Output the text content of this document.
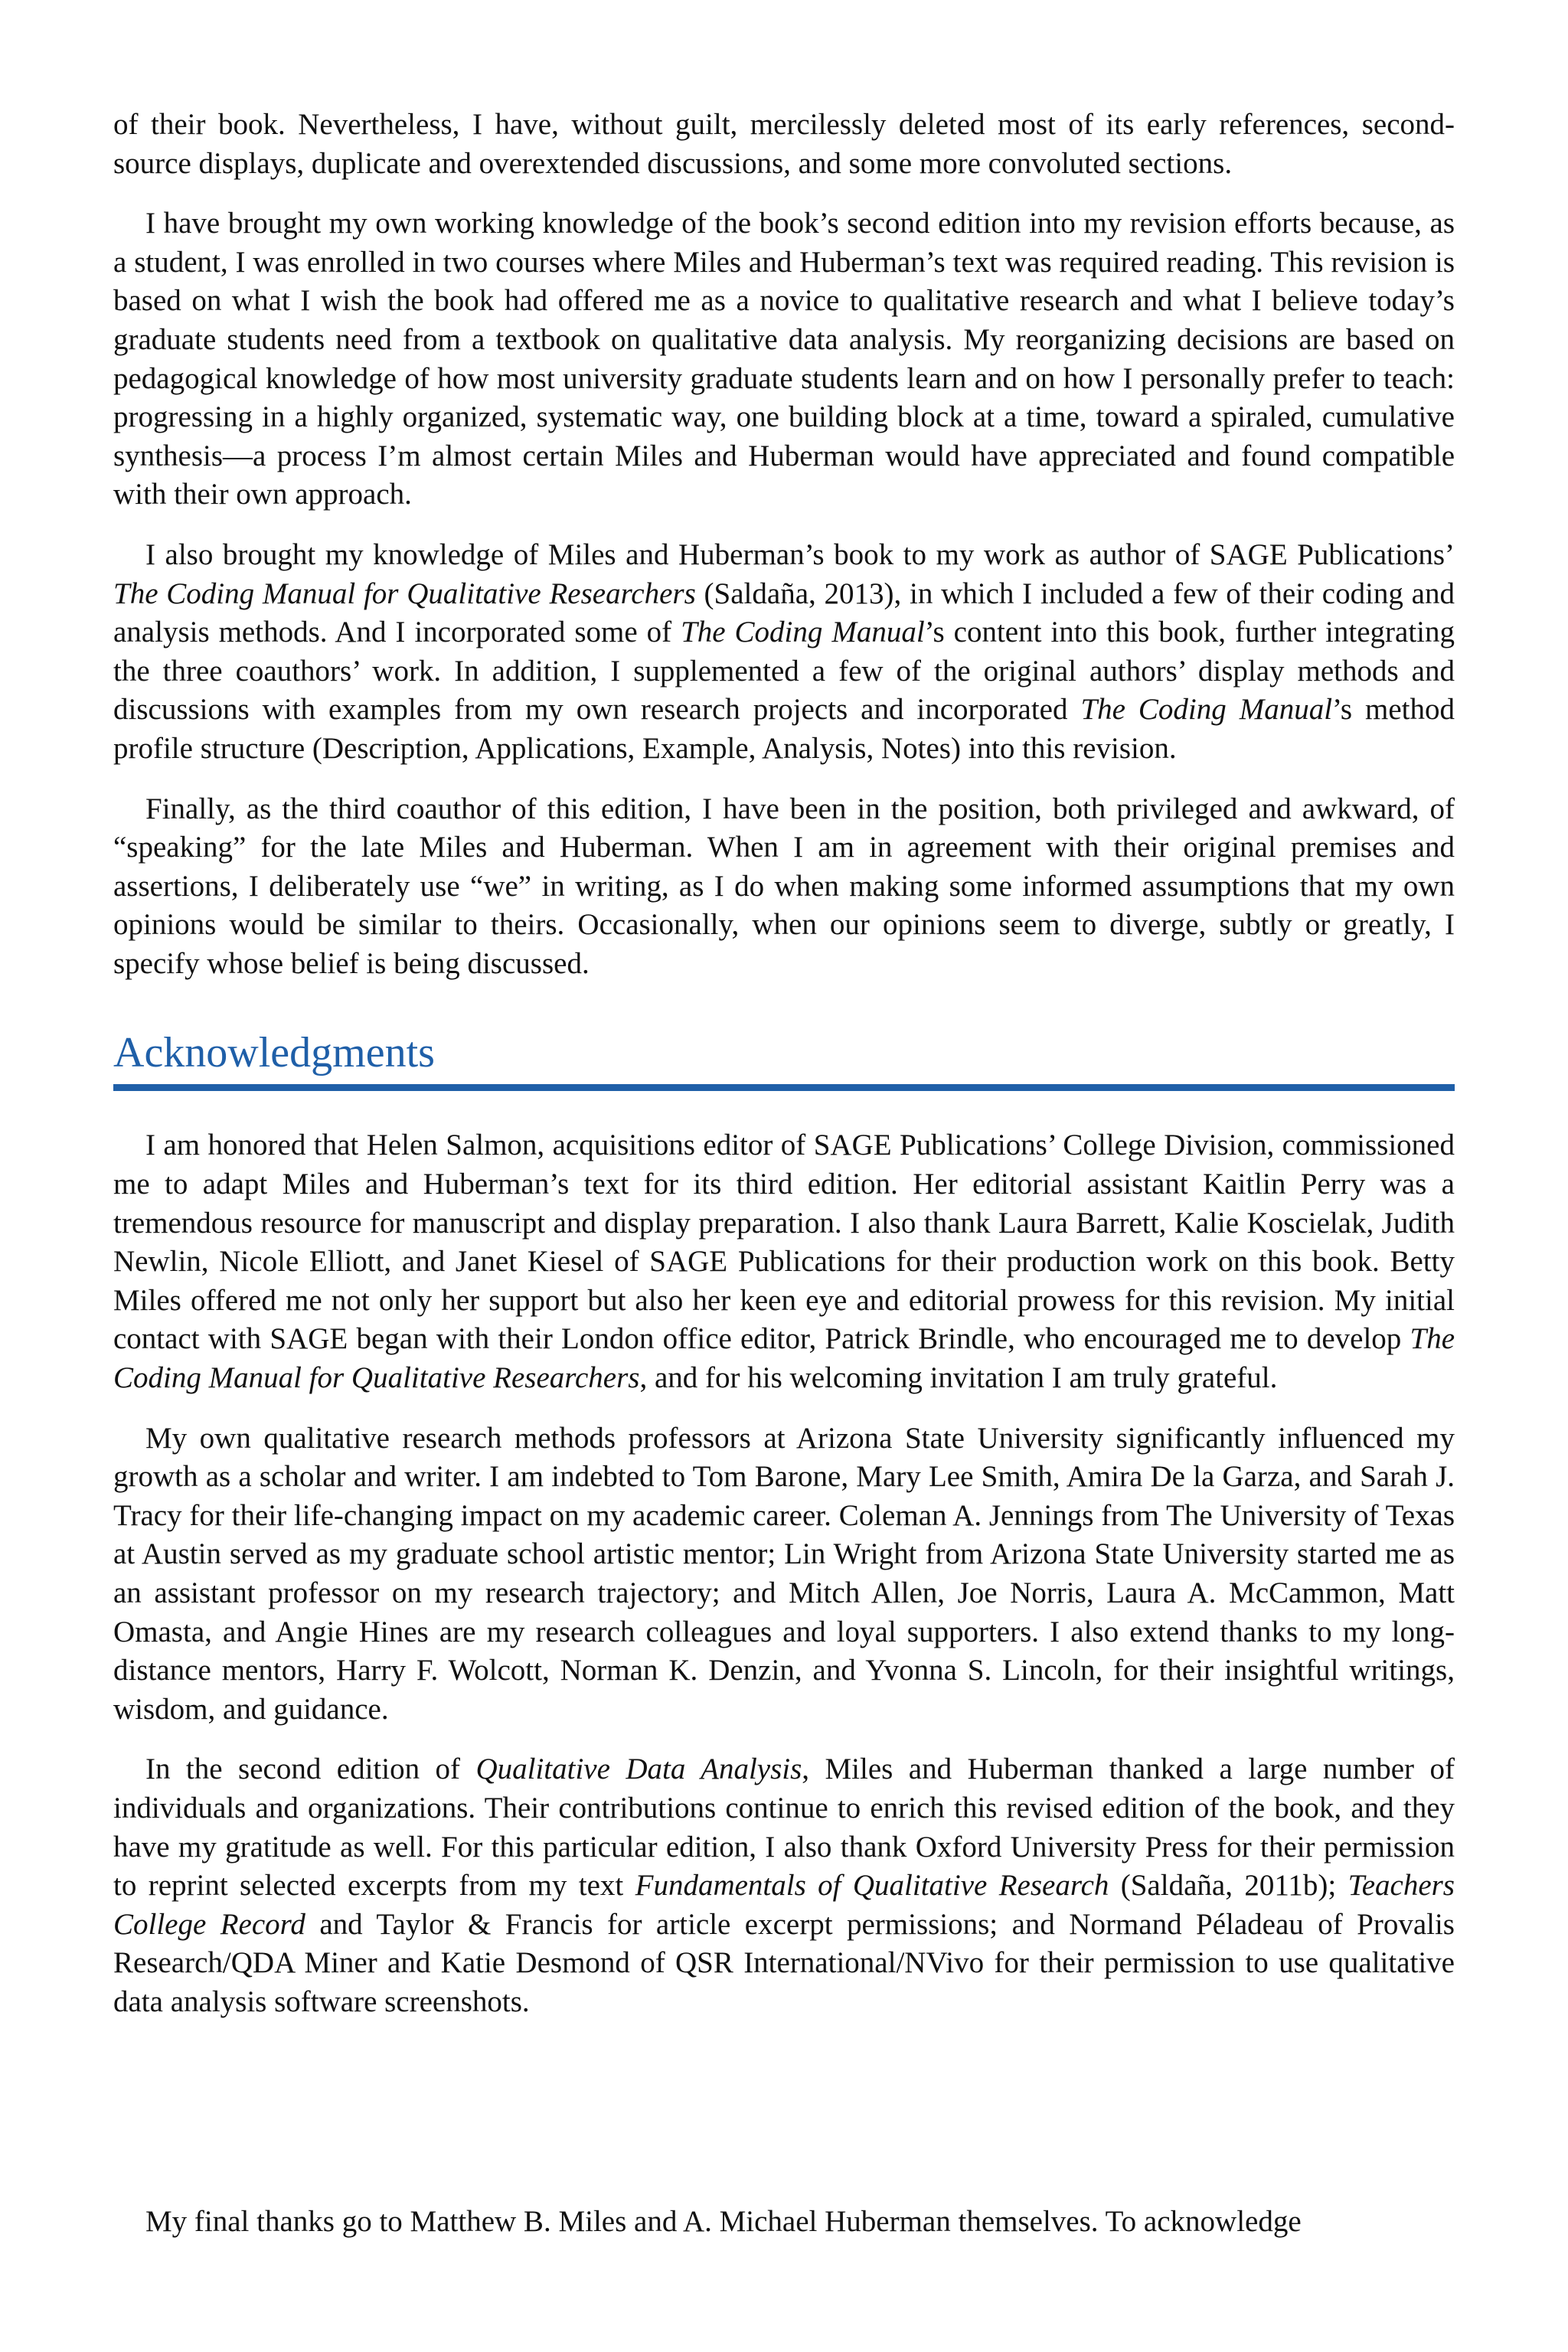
of their book. Nevertheless, I have, without guilt, mercilessly deleted most of its early references, second-source displays, duplicate and overextended discussions, and some more convoluted sections.

I have brought my own working knowledge of the book’s second edition into my revision efforts because, as a student, I was enrolled in two courses where Miles and Huberman’s text was required reading. This revision is based on what I wish the book had offered me as a novice to qualitative research and what I believe today’s graduate students need from a textbook on qualitative data analysis. My reorganizing decisions are based on pedagogical knowledge of how most university graduate students learn and on how I personally prefer to teach: progressing in a highly organized, systematic way, one building block at a time, toward a spiraled, cumulative synthesis—a process I’m almost certain Miles and Huberman would have appreciated and found compatible with their own approach.

I also brought my knowledge of Miles and Huberman’s book to my work as author of SAGE Publications’ The Coding Manual for Qualitative Researchers (Saldaña, 2013), in which I included a few of their coding and analysis methods. And I incorporated some of The Coding Manual’s content into this book, further integrating the three coauthors’ work. In addition, I supplemented a few of the original authors’ display methods and discussions with examples from my own research projects and incorporated The Coding Manual’s method profile structure (Description, Applications, Example, Analysis, Notes) into this revision.

Finally, as the third coauthor of this edition, I have been in the position, both privileged and awkward, of “speaking” for the late Miles and Huberman. When I am in agreement with their original premises and assertions, I deliberately use “we” in writing, as I do when making some informed assumptions that my own opinions would be similar to theirs. Occasionally, when our opinions seem to diverge, subtly or greatly, I specify whose belief is being discussed.

Acknowledgments

I am honored that Helen Salmon, acquisitions editor of SAGE Publications’ College Division, commissioned me to adapt Miles and Huberman’s text for its third edition. Her editorial assistant Kaitlin Perry was a tremendous resource for manuscript and display preparation. I also thank Laura Barrett, Kalie Koscielak, Judith Newlin, Nicole Elliott, and Janet Kiesel of SAGE Publications for their production work on this book. Betty Miles offered me not only her support but also her keen eye and editorial prowess for this revision. My initial contact with SAGE began with their London office editor, Patrick Brindle, who encouraged me to develop The Coding Manual for Qualitative Researchers, and for his welcoming invitation I am truly grateful.

My own qualitative research methods professors at Arizona State University significantly influenced my growth as a scholar and writer. I am indebted to Tom Barone, Mary Lee Smith, Amira De la Garza, and Sarah J. Tracy for their life-changing impact on my academic career. Coleman A. Jennings from The University of Texas at Austin served as my graduate school artistic mentor; Lin Wright from Arizona State University started me as an assistant professor on my research trajectory; and Mitch Allen, Joe Norris, Laura A. McCammon, Matt Omasta, and Angie Hines are my research colleagues and loyal supporters. I also extend thanks to my long-distance mentors, Harry F. Wolcott, Norman K. Denzin, and Yvonna S. Lincoln, for their insightful writings, wisdom, and guidance.

In the second edition of Qualitative Data Analysis, Miles and Huberman thanked a large number of individuals and organizations. Their contributions continue to enrich this revised edition of the book, and they have my gratitude as well. For this particular edition, I also thank Oxford University Press for their permission to reprint selected excerpts from my text Fundamentals of Qualitative Research (Saldaña, 2011b); Teachers College Record and Taylor & Francis for article excerpt permissions; and Normand Péladeau of Provalis Research/QDA Miner and Katie Desmond of QSR International/NVivo for their permission to use qualitative data analysis software screenshots.

My final thanks go to Matthew B. Miles and A. Michael Huberman themselves. To acknowledge
